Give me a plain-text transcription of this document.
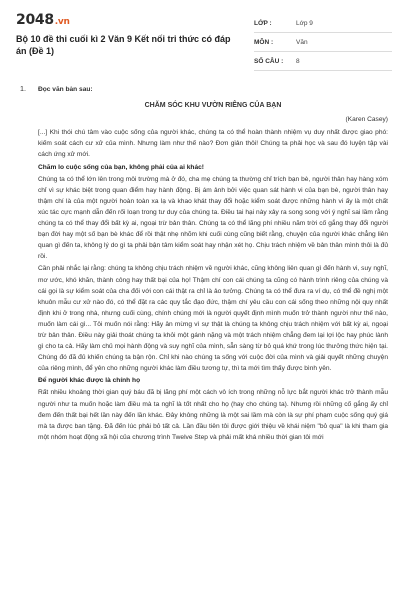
2048.vn
Bộ 10 đề thi cuối kì 2 Văn 9 Kết nối tri thức có đáp án (Đề 1)
LỚP :	Lớp 9
MÔN :	Văn
SỐ CÂU :	8
1. Đọc văn bản sau:

CHĂM SÓC KHU VƯỜN RIÊNG CỦA BẠN

(Karen Casey)

[...] Khi thói chú tâm vào cuộc sống của người khác, chúng ta có thể hoàn thành nhiệm vụ duy nhất được giao phó: kiếm soát cách cư xử của mình. Nhưng làm như thế nào? Đơn giản thôi! Chúng ta phải học và sau đó luyện tập vài cách ứng xử mới.

Chăm lo cuộc sống của bạn, không phải của ai khác!

Chúng ta có thể lớn lên trong môi trường mà ở đó, cha mẹ chúng ta thường chỉ trích bạn bè, người thân hay hàng xóm chỉ vì sự khác biệt trong quan điểm hay hành động. Bị ám ảnh bởi việc quan sát hành vi của bạn bè, người thân hay thậm chí là của một người hoàn toàn xa lạ và khao khát thay đổi hoặc kiểm soát được những hành vi ấy là một chất xúc tác cực mạnh dẫn đến rối loạn trong tư duy của chúng ta. Điều tai hại này xảy ra song song với ý nghĩ sai lầm rằng chúng ta có thể thay đổi bất kỳ ai, ngoại trừ bản thân. Chúng ta có thể lãng phí nhiều năm trời cố gắng thay đổi người bạn đời hay một số bạn bè khác để rồi thật nhẹ nhõm khi cuối cùng cũng biết rằng, chuyện của người khác chẳng liên quan gì đến ta, không lý do gì ta phải bận tâm kiểm soát hay nhận xét họ. Chịu trách nhiệm về bản thân mình thôi là đủ rồi.

Cần phải nhắc lại rằng: chúng ta không chịu trách nhiệm về người khác, cũng không liên quan gì đến hành vi, suy nghĩ, mơ ước, khó khăn, thành công hay thất bại của họ! Thậm chí con cái chúng ta cũng có hành trình riêng của chúng và cái gọi là sự kiểm soát của cha đối với con cái thật ra chỉ là ảo tưởng. Chúng ta có thể đưa ra ví dụ, có thể đề nghị một khuôn mẫu cư xử nào đó, có thể đặt ra các quy tắc đạo đức, thậm chí yêu cầu con cái sống theo những nội quy nhất định khi ở trong nhà, nhưng cuối cùng, chính chúng mới là người quyết định mình muốn trở thành người như thế nào, muốn làm cái gì... Tôi muốn nói rằng: Hãy ân mừng vì sự thật là chúng ta không chịu trách nhiệm với bất kỳ ai, ngoại trừ bản thân. Điều này giải thoát chúng ta khỏi một gánh nặng và một trách nhiệm chẳng đem lại lợi lộc hay phúc lành gì cho ta cả. Hãy làm chủ mọi hành động và suy nghĩ của mình, sẵn sàng từ bỏ quá khứ trong lúc thưởng thức hiện tại. Chúng đó đã đủ khiến chúng ta bận rộn. Chỉ khi nào chúng ta sống với cuộc đời của mình và giải quyết những chuyện của riêng mình, để yên cho những người khác làm điều tương tự, thì ta mới tìm thấy được bình yên.

Để người khác được là chính họ

Rất nhiều khoảng thời gian quý báu đã bị lãng phí một cách vô ích trong những nỗ lực bắt người khác trở thành mẫu người như ta muốn hoặc làm điều mà ta nghĩ là tốt nhất cho họ (hay cho chúng ta). Nhưng rồi những cố gắng ấy chỉ đem đến thất bại hết lần này đến lần khác. Đây không những là một sai lầm mà còn là sự phí phạm cuộc sống quý giá mà ta được ban tặng. Đã đến lúc phải bỏ tất cả. Lần đầu tiên tôi được giới thiệu về khái niệm "bỏ qua" là khi tham gia một nhóm hoạt động xã hội của chương trình Twelve Step và phải mất khá nhiều thời gian tôi mới
